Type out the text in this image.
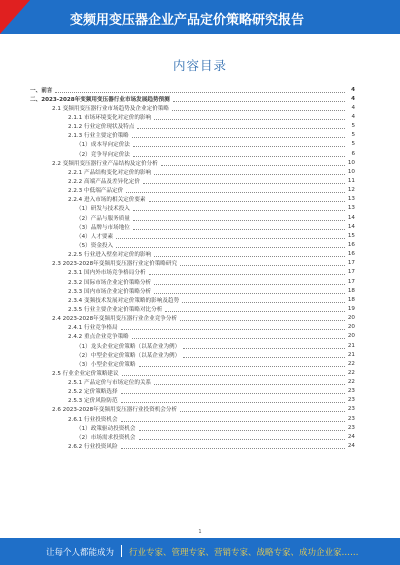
变频用变压器企业产品定价策略研究报告
内容目录
一、前言	4
二、2023-2028年变频用变压器行业市场发展趋势预测	4
2.1 变频用变压器行业市场趋势及企业定价策略	4
2.1.1 市场环境变化对定价的影响	4
2.1.2 行业定价现状及特点	5
2.1.3 行业主要定价策略	5
（1）成本导向定价法	5
（2）竞争导向定价法	6
2.2 变频用变压器行业产品结构及定价分析	10
2.2.1 产品结构变化对定价的影响	10
2.2.2 高端产品及差异化定价	11
2.2.3 中低端产品定价	12
2.2.4 进入市场的相关定价要素	13
（1）研发与技术投入	13
（2）产品与服务质量	14
（3）品牌与市场地位	14
（4）人才要素	15
（5）资金投入	16
2.2.5 行业进入壁垒对定价的影响	16
2.3 2023-2028年变频用变压器行业定价策略研究	17
2.3.1 国内外市场竞争格局分析	17
2.3.2 国际市场企业定价策略分析	17
2.3.3 国内市场企业定价策略分析	18
2.3.4 变频技术发展对定价策略的影响及趋势	18
2.3.5 行业主要企业定价策略对比分析	19
2.4 2023-2028年变频用变压器行业企业竞争分析	20
2.4.1 行业竞争格局	20
2.4.2 重点企业竞争策略	20
（1）龙头企业定价策略（以某企业为例）	21
（2）中型企业定价策略（以某企业为例）	21
（3）小型企业定价策略	22
2.5 行业企业定价策略建议	22
2.5.1 产品定价与市场定位的关系	22
2.5.2 定价策略选择	23
2.5.3 定价风险防范	23
2.6 2023-2028年变频用变压器行业投资机会分析	23
2.6.1 行业投资机会	23
（1）政策驱动投资机会	23
（2）市场需求投资机会	24
2.6.2 行业投资风险	24
1
让每个人都能成为 行业专家、管理专家、营销专家、战略专家、成功企业家……
